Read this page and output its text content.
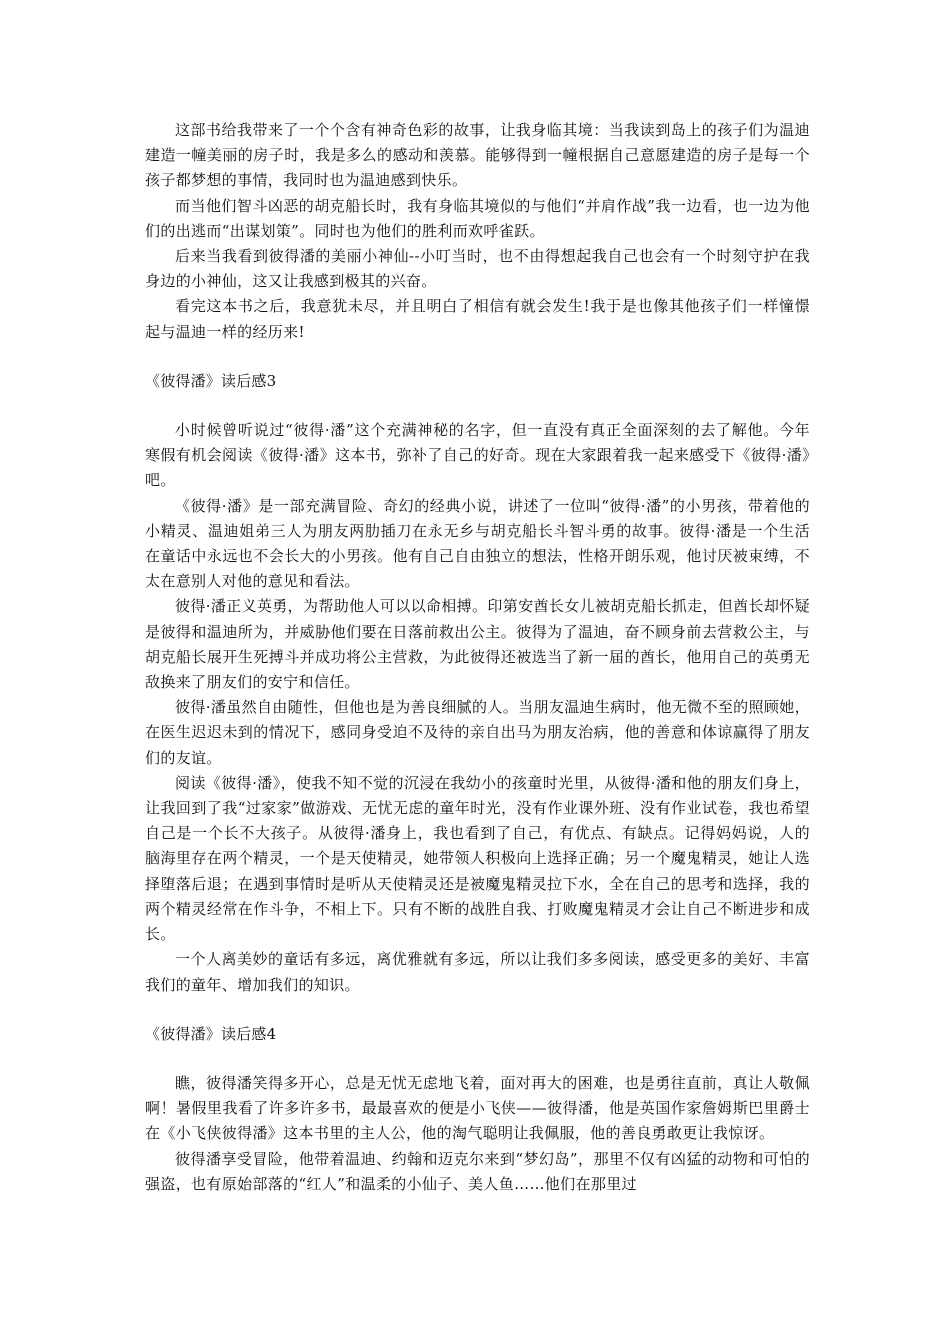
这部书给我带来了一个个含有神奇色彩的故事，让我身临其境：当我读到岛上的孩子们为温迪建造一幢美丽的房子时，我是多么的感动和羡慕。能够得到一幢根据自己意愿建造的房子是每一个孩子都梦想的事情，我同时也为温迪感到快乐。

而当他们智斗凶恶的胡克船长时，我有身临其境似的与他们“并肩作战”我一边看，也一边为他们的出逃而“出谋划策”。同时也为他们的胜利而欢呼雀跃。

后来当我看到彼得潘的美丽小神仙--小叮当时，也不由得想起我自己也会有一个时刻守护在我身边的小神仙，这又让我感到极其的兴奋。

看完这本书之后，我意犹未尽，并且明白了相信有就会发生!我于是也像其他孩子们一样憧憬起与温迪一样的经历来!

《彼得潘》读后感3

小时候曾听说过“彼得·潘”这个充满神秘的名字，但一直没有真正全面深刻的去了解他。今年寒假有机会阅读《彼得·潘》这本书，弥补了自己的好奇。现在大家跟着我一起来感受下《彼得·潘》吧。

《彼得·潘》是一部充满冒险、奇幻的经典小说，讲述了一位叫“彼得·潘”的小男孩，带着他的小精灵、温迪姐弟三人为朋友两肋插刀在永无乡与胡克船长斗智斗勇的故事。彼得·潘是一个生活在童话中永远也不会长大的小男孩。他有自己自由独立的想法，性格开朗乐观，他讨厌被束缚，不太在意别人对他的意见和看法。

彼得·潘正义英勇，为帮助他人可以以命相搏。印第安酋长女儿被胡克船长抓走，但酋长却怀疑是彼得和温迪所为，并威胁他们要在日落前救出公主。彼得为了温迪，奋不顾身前去营救公主，与胡克船长展开生死搏斗并成功将公主营救，为此彼得还被选当了新一届的酋长，他用自己的英勇无敌换来了朋友们的安宁和信任。

彼得·潘虽然自由随性，但他也是为善良细腻的人。当朋友温迪生病时，他无微不至的照顾她，在医生迟迟未到的情况下，感同身受迫不及待的亲自出马为朋友治病，他的善意和体谅赢得了朋友们的友谊。

阅读《彼得·潘》，使我不知不觉的沉浸在我幼小的孩童时光里，从彼得·潘和他的朋友们身上，让我回到了我“过家家”做游戏、无忧无虑的童年时光，没有作业课外班、没有作业试卷，我也希望自己是一个长不大孩子。从彼得·潘身上，我也看到了自己，有优点、有缺点。记得妈妈说，人的脑海里存在两个精灵，一个是天使精灵，她带领人积极向上选择正确；另一个魔鬼精灵，她让人选择堕落后退；在遇到事情时是听从天使精灵还是被魔鬼精灵拉下水，全在自己的思考和选择，我的两个精灵经常在作斗争，不相上下。只有不断的战胜自我、打败魔鬼精灵才会让自己不断进步和成长。

一个人离美妙的童话有多远，离优雅就有多远，所以让我们多多阅读，感受更多的美好、丰富我们的童年、增加我们的知识。

《彼得潘》读后感4

瞧，彼得潘笑得多开心，总是无忧无虑地飞着，面对再大的困难，也是勇往直前，真让人敬佩啊！暑假里我看了许多许多书，最最喜欢的便是小飞侠——彼得潘，他是英国作家詹姆斯巴里爵士在《小飞侠彼得潘》这本书里的主人公，他的淘气聪明让我佩服，他的善良勇敢更让我惊讶。

彼得潘享受冒险，他带着温迪、约翰和迈克尔来到“梦幻岛”，那里不仅有凶猛的动物和可怕的强盗，也有原始部落的“红人”和温柔的小仙子、美人鱼……他们在那里过
